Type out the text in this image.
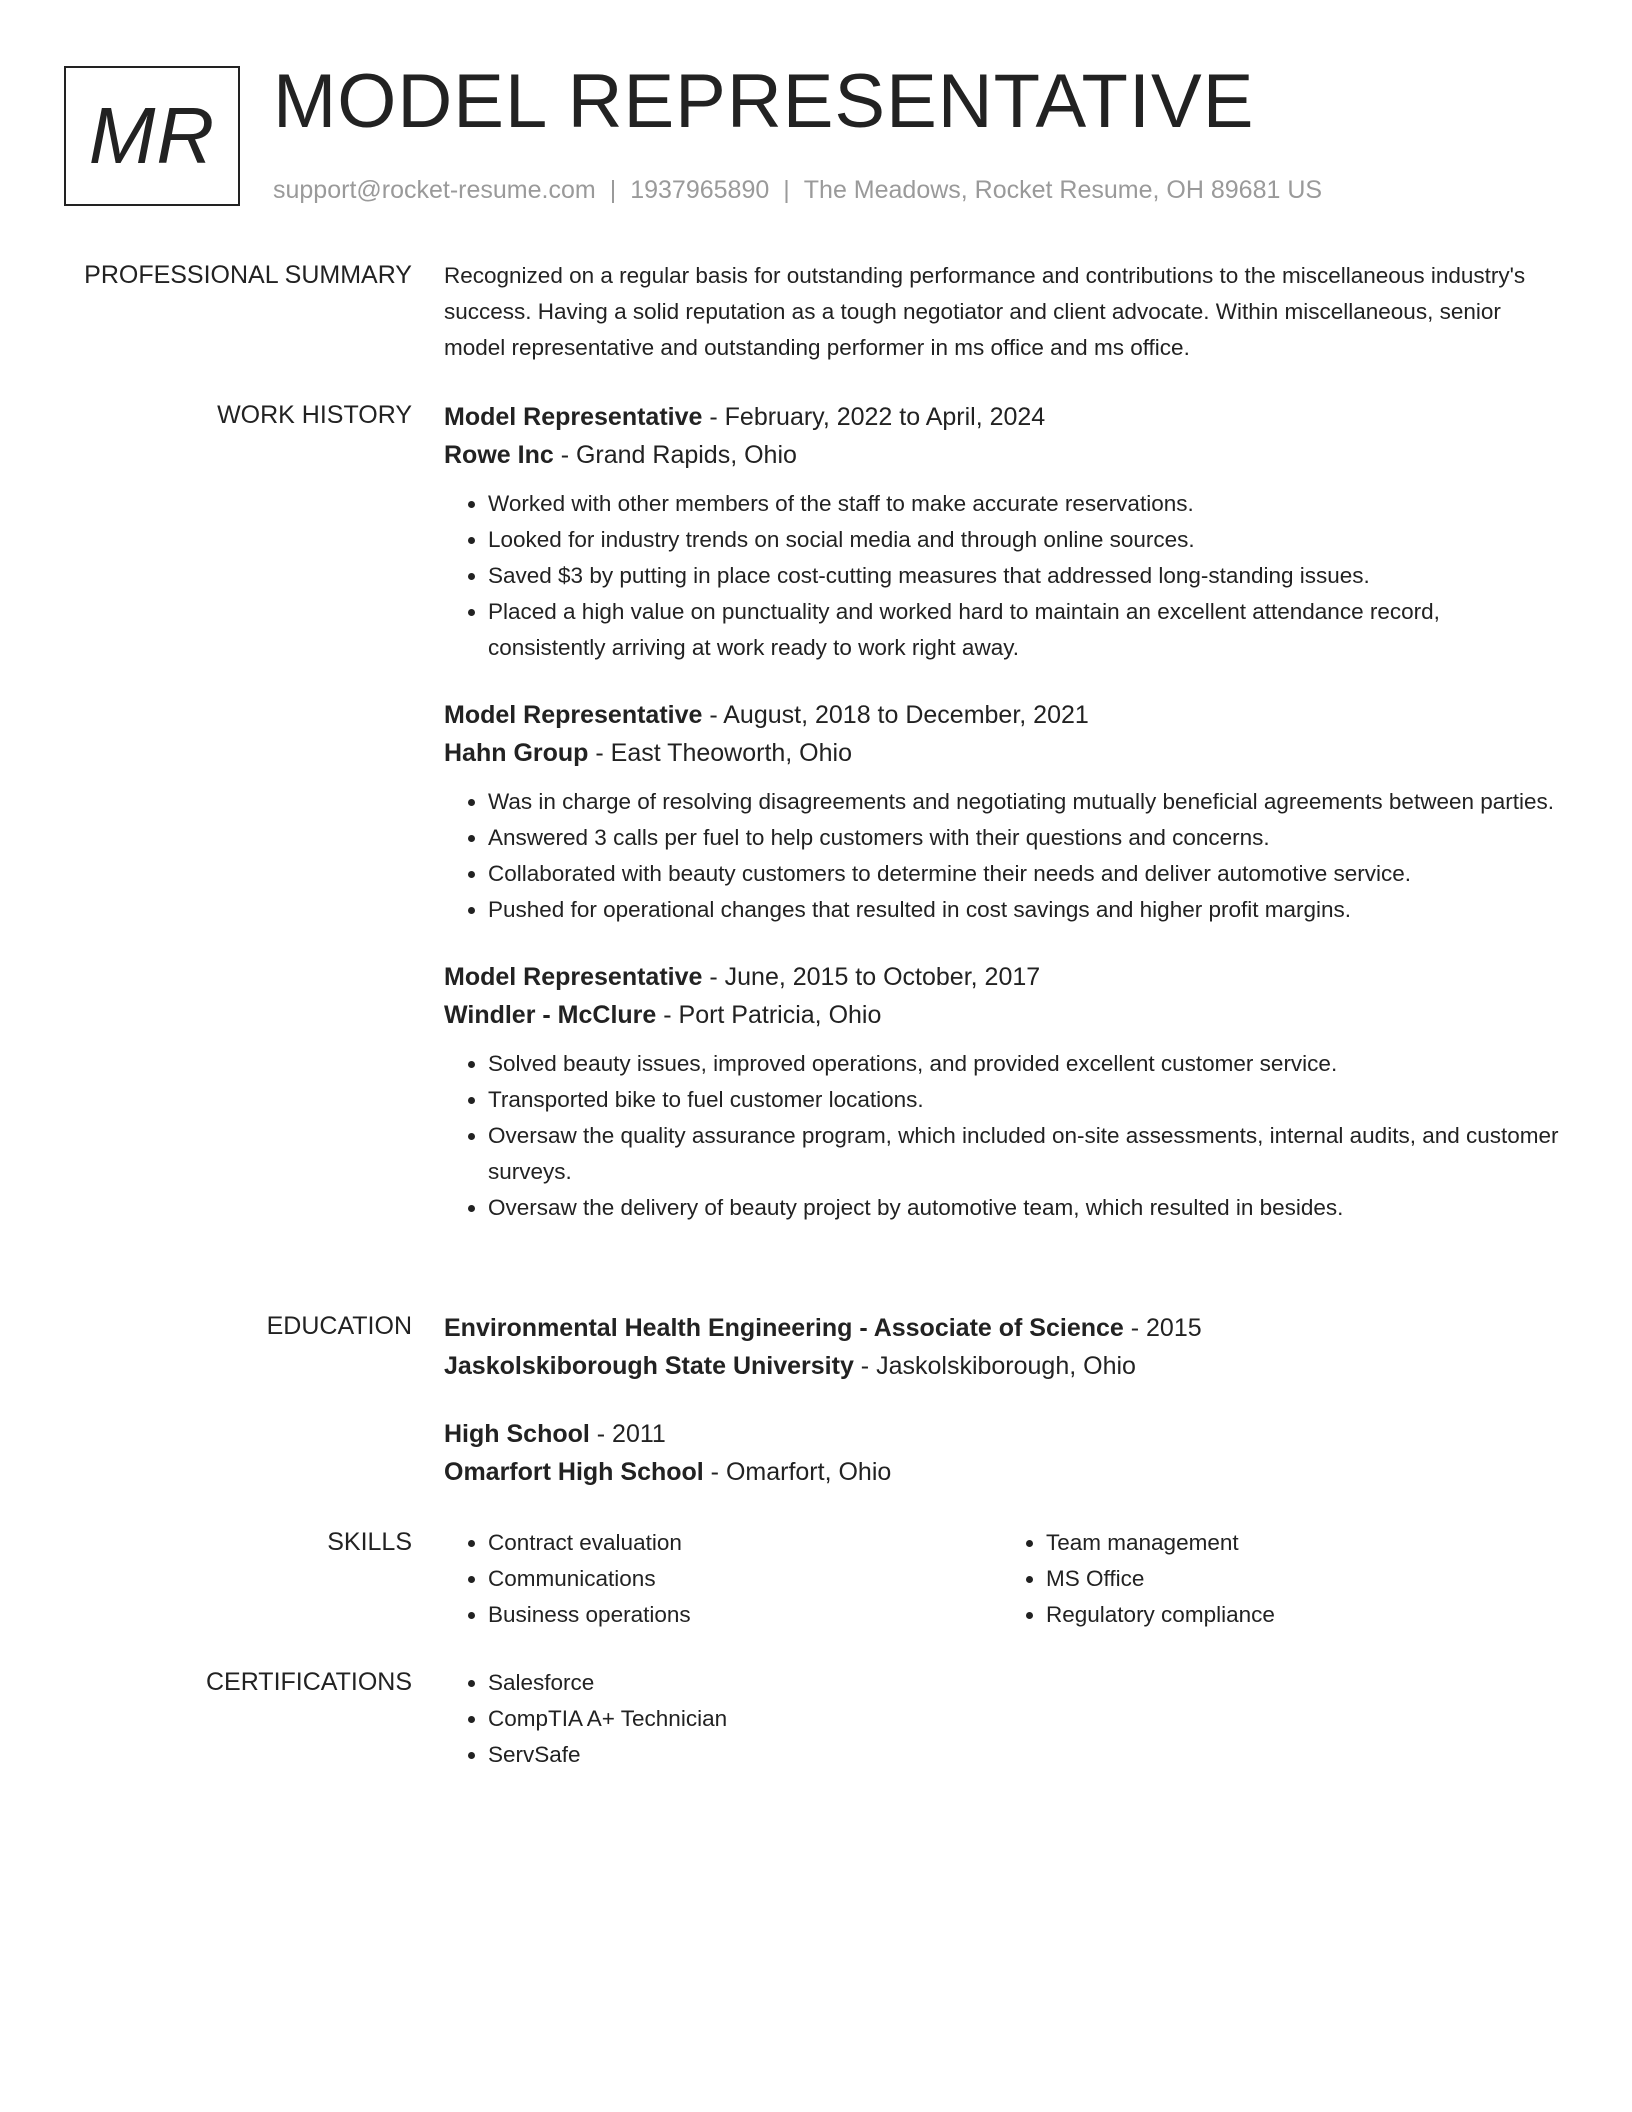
MR MODEL REPRESENTATIVE
support@rocket-resume.com | 1937965890 | The Meadows, Rocket Resume, OH 89681 US
PROFESSIONAL SUMMARY Recognized on a regular basis for outstanding performance and contributions to the miscellaneous industry's success. Having a solid reputation as a tough negotiator and client advocate. Within miscellaneous, senior model representative and outstanding performer in ms office and ms office.

WORK HISTORY Model Representative - February, 2022 to April, 2024

Rowe Inc - Grand Rapids, Ohio

• Worked with other members of the staff to make accurate reservations.
• Looked for industry trends on social media and through online sources.
• Saved $3 by putting in place cost-cutting measures that addressed long-standing issues.
• Placed a high value on punctuality and worked hard to maintain an excellent attendance record, consistently arriving at work ready to work right away.

Model Representative - August, 2018 to December, 2021

Hahn Group - East Theoworth, Ohio

• Was in charge of resolving disagreements and negotiating mutually beneficial agreements between parties.
• Answered 3 calls per fuel to help customers with their questions and concerns.
• Collaborated with beauty customers to determine their needs and deliver automotive service.
• Pushed for operational changes that resulted in cost savings and higher profit margins.

Model Representative - June, 2015 to October, 2017

Windler - McClure - Port Patricia, Ohio

• Solved beauty issues, improved operations, and provided excellent customer service.
• Transported bike to fuel customer locations.
• Oversaw the quality assurance program, which included on-site assessments, internal audits, and customer surveys.
• Oversaw the delivery of beauty project by automotive team, which resulted in besides.
EDUCATION Environmental Health Engineering - Associate of Science - 2015

Jaskolskiborough State University - Jaskolskiborough, Ohio

High School - 2011

Omarfort High School - Omarfort, Ohio

SKILLS	• Contract evaluation
• Communications
• Business operations
• Team management
• MS Office
• Regulatory compliance
CERTIFICATIONS	• Salesforce
• CompTIA A+ Technician
• ServSafe
